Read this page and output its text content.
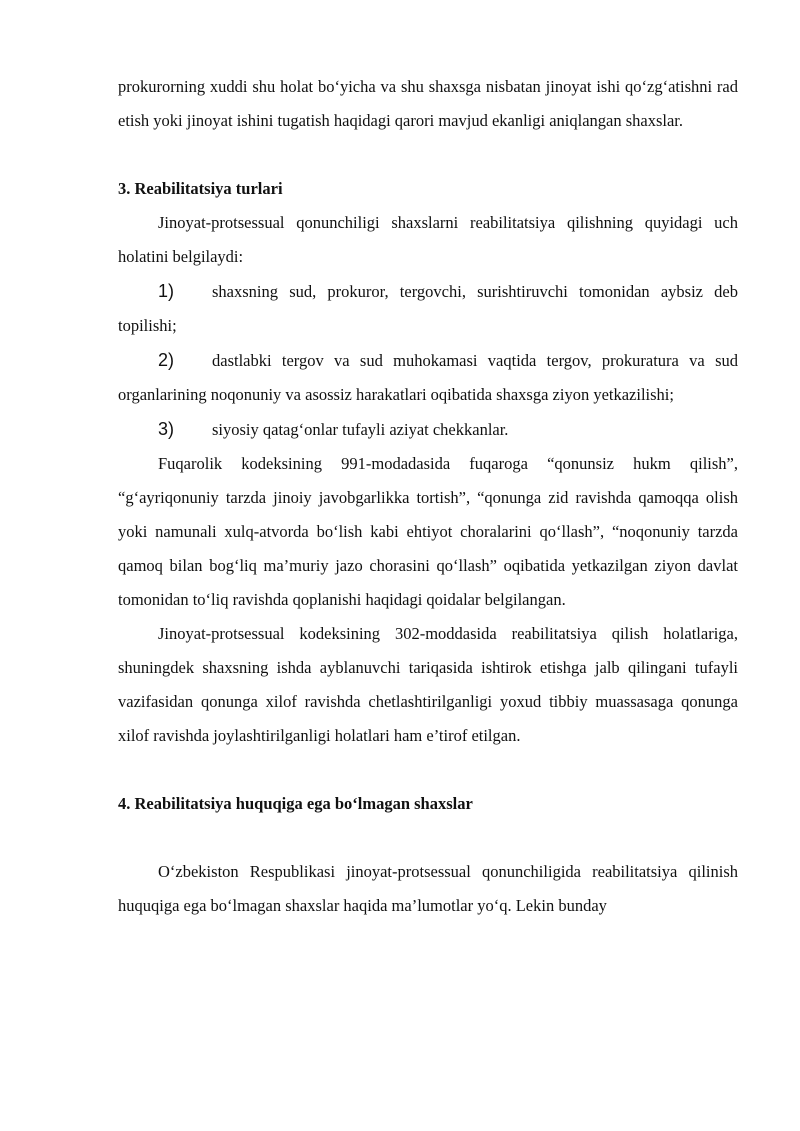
prokurorning xuddi shu holat bo‘yicha va shu shaxsga nisbatan jinoyat ishi qo‘zg‘atishni rad etish yoki jinoyat ishini tugatish haqidagi qarori mavjud ekanligi aniqlangan shaxslar.

3. Reabilitatsiya turlari

Jinoyat-protsessual qonunchiligi shaxslarni reabilitatsiya qilishning quyidagi uch holatini belgilaydi:

1) shaxsning sud, prokuror, tergovchi, surishtiruvchi tomonidan aybsiz deb topilishi;

2) dastlabki tergov va sud muhokamasi vaqtida tergov, prokuratura va sud organlarining noqonuniy va asossiz harakatlari oqibatida shaxsga ziyon yetkazilishi;

3) siyosiy qatag‘onlar tufayli aziyat chekkanlar.

Fuqarolik kodeksining 991-modadasida fuqaroga “qonunsiz hukm qilish”, “g‘ayriqonuniy tarzda jinoiy javobgarlikka tortish”, “qonunga zid ravishda qamoqqa olish yoki namunali xulq-atvorda bo‘lish kabi ehtiyot choralarini qo‘llash”, “noqonuniy tarzda qamoq bilan bog‘liq ma’muriy jazo chorasini qo‘llash” oqibatida yetkazilgan ziyon davlat tomonidan to‘liq ravishda qoplanishi haqidagi qoidalar belgilangan.

Jinoyat-protsessual kodeksining 302-moddasida reabilitatsiya qilish holatlariga, shuningdek shaxsning ishda ayblanuvchi tariqasida ishtirok etishga jalb qilingani tufayli vazifasidan qonunga xilof ravishda chetlashtirilganligi yoxud tibbiy muassasaga qonunga xilof ravishda joylashtirilganligi holatlari ham e’tirof etilgan.

4. Reabilitatsiya huquqiga ega bo‘lmagan shaxslar

O‘zbekiston Respublikasi jinoyat-protsessual qonunchiligida reabilitatsiya qilinish huquqiga ega bo‘lmagan shaxslar haqida ma’lumotlar yo‘q. Lekin bunday
